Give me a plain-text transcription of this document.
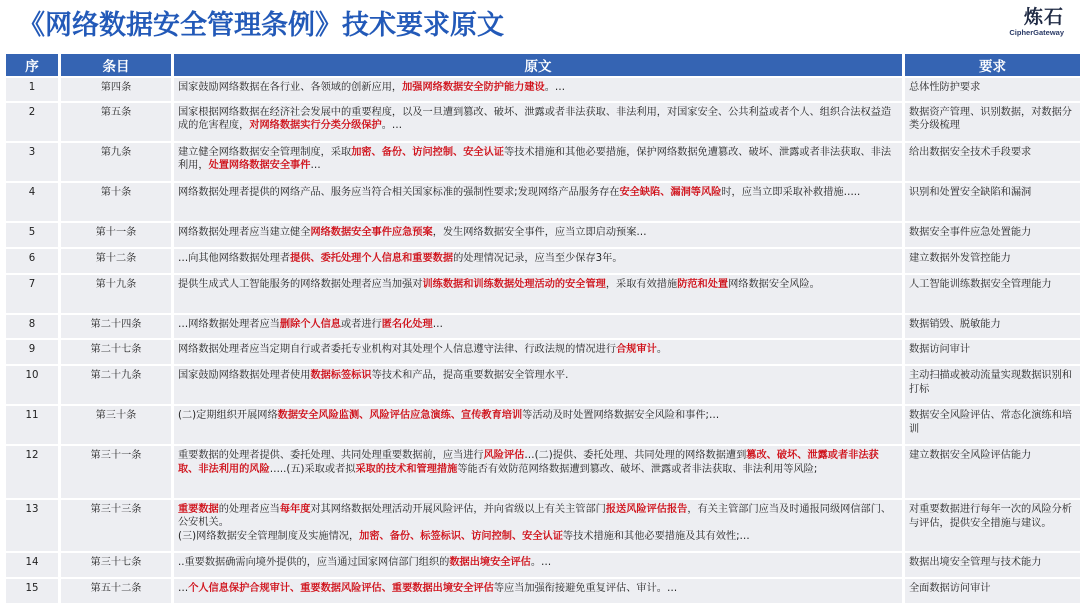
《网络数据安全管理条例》技术要求原文	炼石
CipherGateway
序	条目	原文	要求
1	第四条	国家鼓励网络数据在各行业、各领域的创新应用，加强网络数据安全防护能力建设。…	总体性防护要求
2	第五条	国家根据网络数据在经济社会发展中的重要程度，以及一旦遭到篡改、破坏、泄露或者非法获取、非法利用，对国家安全、公共利益或者个人、组织合法权益造成的危害程度，对网络数据实行分类分级保护。…	数据资产管理、识别数据，对数据分类分级梳理
3	第九条	建立健全网络数据安全管理制度，采取加密、备份、访问控制、安全认证等技术措施和其他必要措施，保护网络数据免遭篡改、破坏、泄露或者非法获取、非法利用，处置网络数据安全事件…	给出数据安全技术手段要求
4	第十条	网络数据处理者提供的网络产品、服务应当符合相关国家标准的强制性要求;发现网络产品服务存在安全缺陷、漏洞等风险时，应当立即采取补救措施…..	识别和处置安全缺陷和漏洞
5	第十一条	网络数据处理者应当建立健全网络数据安全事件应急预案，发生网络数据安全事件，应当立即启动预案…	数据安全事件应急处置能力
6	第十二条	…向其他网络数据处理者提供、委托处理个人信息和重要数据的处理情况记录，应当至少保存3年。	建立数据外发管控能力
7	第十九条	提供生成式人工智能服务的网络数据处理者应当加强对训练数据和训练数据处理活动的安全管理，采取有效措施防范和处置网络数据安全风险。	人工智能训练数据安全管理能力
8	第二十四条	…网络数据处理者应当删除个人信息或者进行匿名化处理…	数据销毁、脱敏能力
9	第二十七条	网络数据处理者应当定期自行或者委托专业机构对其处理个人信息遵守法律、行政法规的情况进行合规审计。	数据访问审计
10	第二十九条	国家鼓励网络数据处理者使用数据标签标识等技术和产品，提高重要数据安全管理水平.	主动扫描或被动流量实现数据识别和打标
11	第三十条	(二)定期组织开展网络数据安全风险监测、风险评估应急演练、宣传教育培训等活动及时处置网络数据安全风险和事件;…	数据安全风险评估、常态化演练和培训
12	第三十一条	重要数据的处理者提供、委托处理、共同处理重要数据前，应当进行风险评估…(二)提供、委托处理、共同处理的网络数据遭到篡改、破坏、泄露或者非法获取、非法利用的风险…..(五)采取或者拟采取的技术和管理措施等能否有效防范网络数据遭到篡改、破坏、泄露或者非法获取、非法利用等风险;	建立数据安全风险评估能力
13	第三十三条	重要数据的处理者应当每年度对其网络数据处理活动开展风险评估，并向省级以上有关主管部门报送风险评估报告，有关主管部门应当及时通报同级网信部门、公安机关。
(三)网络数据安全管理制度及实施情况，加密、备份、标签标识、访问控制、安全认证等技术措施和其他必要措施及其有效性;…	对重要数据进行每年一次的风险分析与评估，提供安全措施与建议。
14	第三十七条	..重要数据确需向境外提供的，应当通过国家网信部门组织的数据出境安全评估。…	数据出境安全管理与技术能力
15	第五十二条	…个人信息保护合规审计、重要数据风险评估、重要数据出境安全评估等应当加强衔接避免重复评估、审计。…	全面数据访问审计
